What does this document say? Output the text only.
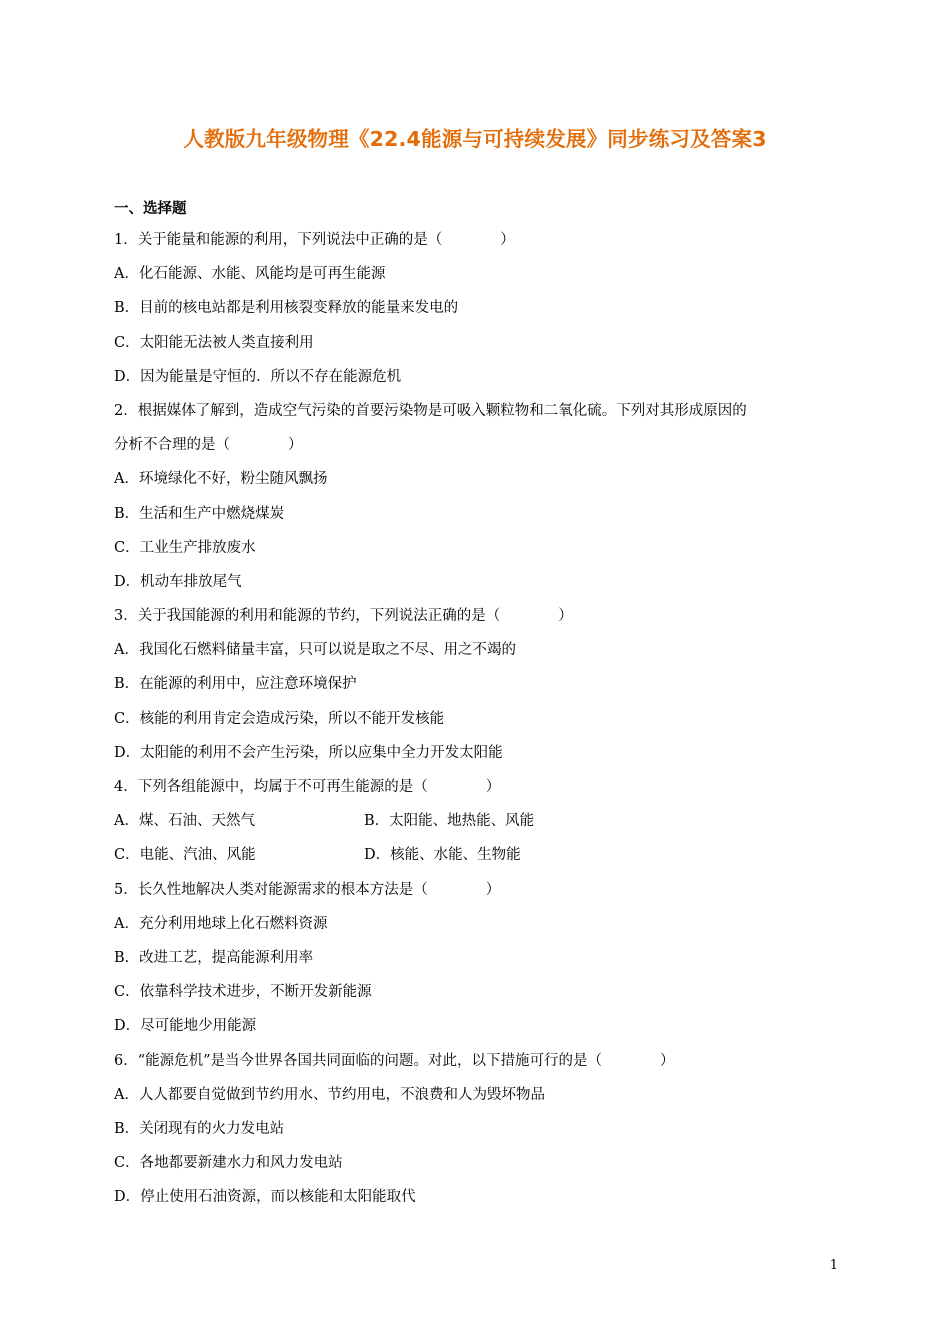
人教版九年级物理《22.4能源与可持续发展》同步练习及答案3
一、选择题
1．关于能量和能源的利用，下列说法中正确的是（　　　　）
A．化石能源、水能、风能均是可再生能源
B．目前的核电站都是利用核裂变释放的能量来发电的
C．太阳能无法被人类直接利用
D．因为能量是守恒的．所以不存在能源危机
2．根据媒体了解到，造成空气污染的首要污染物是可吸入颗粒物和二氧化硫。下列对其形成原因的
分析不合理的是（　　　　）
A．环境绿化不好，粉尘随风飘扬
B．生活和生产中燃烧煤炭
C．工业生产排放废水
D．机动车排放尾气
3．关于我国能源的利用和能源的节约，下列说法正确的是（　　　　）
A．我国化石燃料储量丰富，只可以说是取之不尽、用之不竭的
B．在能源的利用中，应注意环境保护
C．核能的利用肯定会造成污染，所以不能开发核能
D．太阳能的利用不会产生污染，所以应集中全力开发太阳能
4．下列各组能源中，均属于不可再生能源的是（　　　　）
A．煤、石油、天然气	B．太阳能、地热能、风能
C．电能、汽油、风能	D．核能、水能、生物能
5．长久性地解决人类对能源需求的根本方法是（　　　　）
A．充分利用地球上化石燃料资源
B．改进工艺，提高能源利用率
C．依靠科学技术进步，不断开发新能源
D．尽可能地少用能源
6．“能源危机”是当今世界各国共同面临的问题。对此，以下措施可行的是（　　　　）
A．人人都要自觉做到节约用水、节约用电，不浪费和人为毁坏物品
B．关闭现有的火力发电站
C．各地都要新建水力和风力发电站
D．停止使用石油资源，而以核能和太阳能取代
1
